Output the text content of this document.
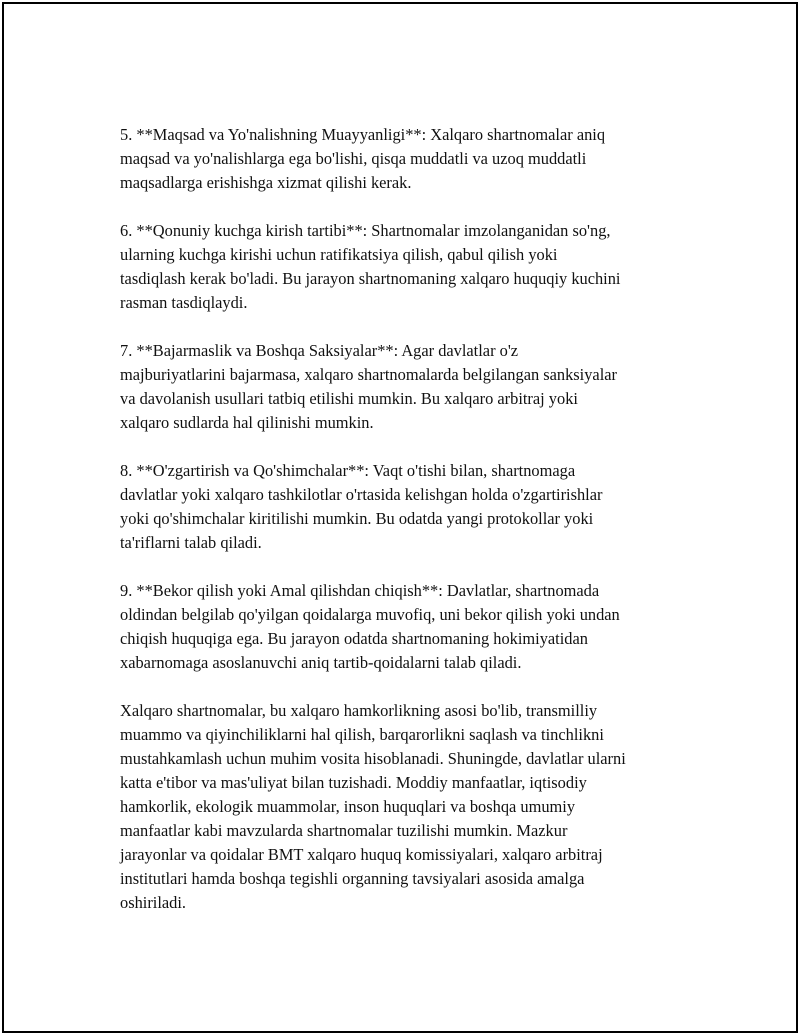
5. **Maqsad va Yo'nalishning Muayyanligi**: Xalqaro shartnomalar aniq
maqsad va yo'nalishlarga ega bo'lishi, qisqa muddatli va uzoq muddatli
maqsadlarga erishishga xizmat qilishi kerak.

6. **Qonuniy kuchga kirish tartibi**: Shartnomalar imzolanganidan so'ng,
ularning kuchga kirishi uchun ratifikatsiya qilish, qabul qilish yoki
tasdiqlash kerak bo'ladi. Bu jarayon shartnomaning xalqaro huquqiy kuchini
rasman tasdiqlaydi.

7. **Bajarmaslik va Boshqa Saksiyalar**: Agar davlatlar o'z
majburiyatlarini bajarmasa, xalqaro shartnomalarda belgilangan sanksiyalar
va davolanish usullari tatbiq etilishi mumkin. Bu xalqaro arbitraj yoki
xalqaro sudlarda hal qilinishi mumkin.

8. **O'zgartirish va Qo'shimchalar**: Vaqt o'tishi bilan, shartnomaga
davlatlar yoki xalqaro tashkilotlar o'rtasida kelishgan holda o'zgartirishlar
yoki qo'shimchalar kiritilishi mumkin. Bu odatda yangi protokollar yoki
ta'riflarni talab qiladi.

9. **Bekor qilish yoki Amal qilishdan chiqish**: Davlatlar, shartnomada
oldindan belgilab qo'yilgan qoidalarga muvofiq, uni bekor qilish yoki undan
chiqish huquqiga ega. Bu jarayon odatda shartnomaning hokimiyatidan
xabarnomaga asoslanuvchi aniq tartib-qoidalarni talab qiladi.

Xalqaro shartnomalar, bu xalqaro hamkorlikning asosi bo'lib, transmilliy
muammo va qiyinchiliklarni hal qilish, barqarorlikni saqlash va tinchlikni
mustahkamlash uchun muhim vosita hisoblanadi. Shuningde, davlatlar ularni
katta e'tibor va mas'uliyat bilan tuzishadi. Moddiy manfaatlar, iqtisodiy
hamkorlik, ekologik muammolar, inson huquqlari va boshqa umumiy
manfaatlar kabi mavzularda shartnomalar tuzilishi mumkin. Mazkur
jarayonlar va qoidalar BMT xalqaro huquq komissiyalari, xalqaro arbitraj
institutlari hamda boshqa tegishli organning tavsiyalari asosida amalga
oshiriladi.
